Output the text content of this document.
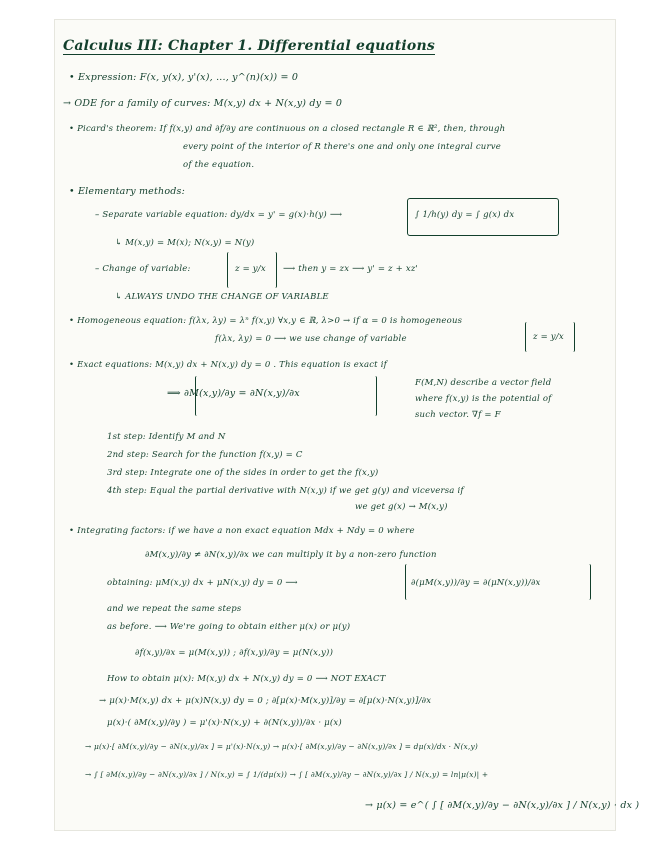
Calculus III: Chapter 1. Differential equations
• Expression: F(x, y(x), y'(x), ..., y^(n)(x)) = 0
→ ODE for a family of curves: M(x,y) dx + N(x,y) dy = 0
• Picard's theorem: If f(x,y) and ∂f/∂y are continuous on a closed rectangle R ∈ ℝ², then, through
every point of the interior of R there's one and only one integral curve
of the equation.
• Elementary methods:
– Separate variable equation: dy/dx = y' = g(x)·h(y) ⟶	∫ 1/h(y) dy = ∫ g(x) dx
↳ M(x,y) = M(x); N(x,y) = N(y)
– Change of variable:	z = y/x ⟶ then y = zx ⟶ y' = z + xz'
↳ ALWAYS UNDO THE CHANGE OF VARIABLE
• Homogeneous equation: f(λx, λy) = λⁿ f(x,y) ∀x,y ∈ ℝ, λ>0 → if α = 0 is homogeneous
f(λx, λy) = 0 ⟶ we use change of variable	z = y/x
• Exact equations: M(x,y) dx + N(x,y) dy = 0 . This equation is exact if
⟹ ∂M(x,y)/∂y = ∂N(x,y)/∂x
F(M,N) describe a vector field
where f(x,y) is the potential of
such vector. ∇f = F
1st step: Identify M and N
2nd step: Search for the function f(x,y) = C
3rd step: Integrate one of the sides in order to get the f(x,y)
4th step: Equal the partial derivative with N(x,y) if we get g(y) and viceversa if
we get g(x) → M(x,y)
• Integrating factors: if we have a non exact equation Mdx + Ndy = 0 where
∂M(x,y)/∂y ≠ ∂N(x,y)/∂x we can multiply it by a non-zero function
obtaining: μM(x,y) dx + μN(x,y) dy = 0 ⟶	∂(μM(x,y))/∂y = ∂(μN(x,y))/∂x
and we repeat the same steps
as before. ⟶ We're going to obtain either μ(x) or μ(y)
∂f(x,y)/∂x = μ(M(x,y)) ; ∂f(x,y)/∂y = μ(N(x,y))
How to obtain μ(x): M(x,y) dx + N(x,y) dy = 0 ⟶ NOT EXACT
→ μ(x)·M(x,y) dx + μ(x)N(x,y) dy = 0 ; ∂[μ(x)·M(x,y)]/∂y = ∂[μ(x)·N(x,y)]/∂x
μ(x)·( ∂M(x,y)/∂y ) = μ'(x)·N(x,y) + ∂(N(x,y))/∂x · μ(x)
→ μ(x)·[ ∂M(x,y)/∂y − ∂N(x,y)/∂x ] = μ'(x)·N(x,y) → μ(x)·[ ∂M(x,y)/∂y − ∂N(x,y)/∂x ] = dμ(x)/dx · N(x,y)
→ ∫ [ ∂M(x,y)/∂y − ∂N(x,y)/∂x ] / N(x,y) = ∫ 1/(dμ(x)) → ∫ [ ∂M(x,y)/∂y − ∂N(x,y)/∂x ] / N(x,y) = ln|μ(x)| +
→ μ(x) = e^( ∫ [ ∂M(x,y)/∂y − ∂N(x,y)/∂x ] / N(x,y) · dx )
